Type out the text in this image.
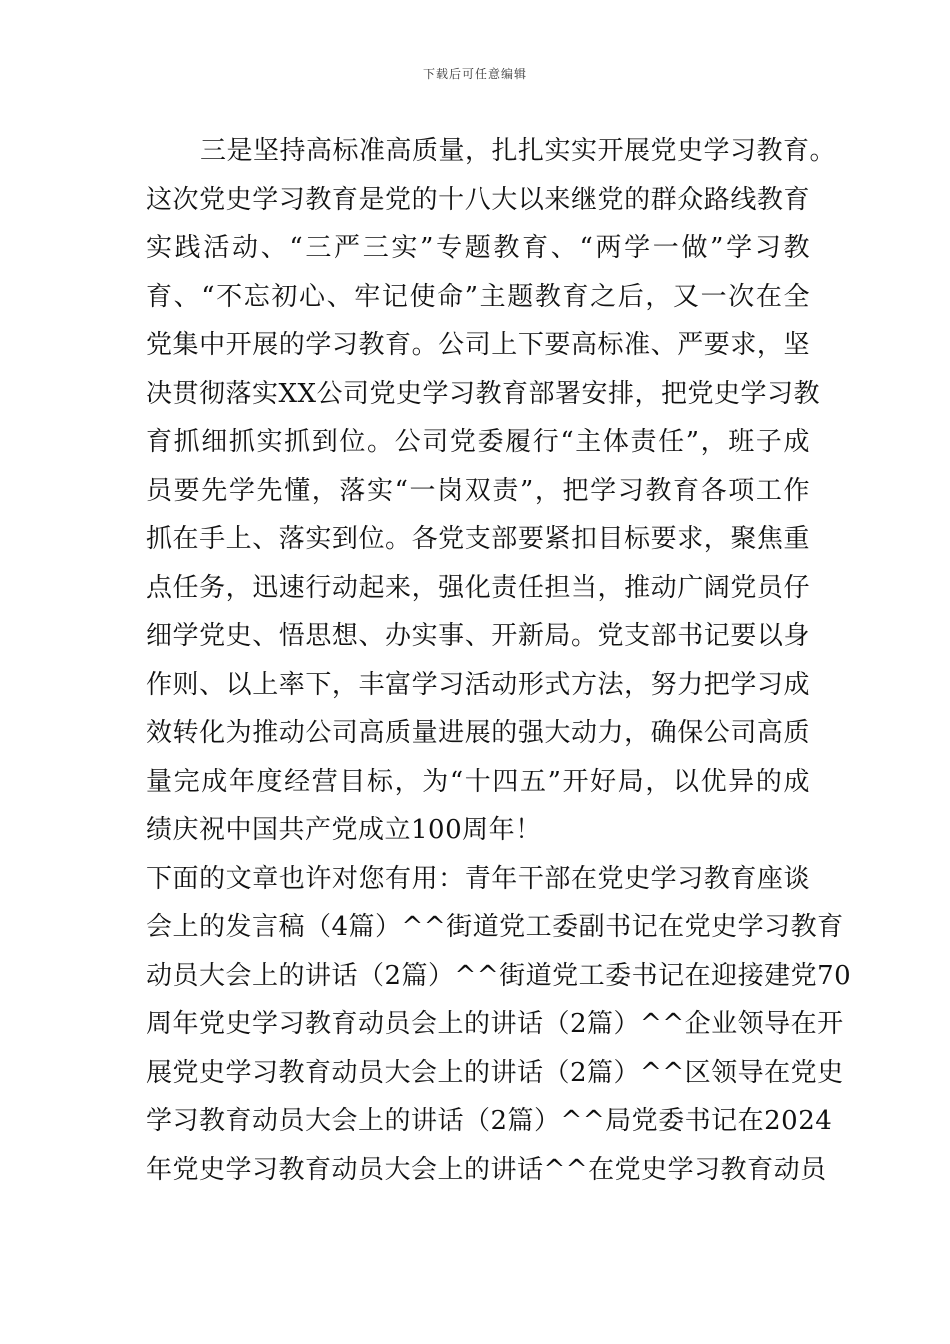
下载后可任意编辑
三是坚持高标准高质量，扎扎实实开展党史学习教育。
这次党史学习教育是党的十八大以来继党的群众路线教育
实践活动、“三严三实”专题教育、“两学一做”学习教
育、“不忘初心、牢记使命”主题教育之后，又一次在全
党集中开展的学习教育。公司上下要高标准、严要求，坚
决贯彻落实XX公司党史学习教育部署安排，把党史学习教
育抓细抓实抓到位。公司党委履行“主体责任”，班子成
员要先学先懂，落实“一岗双责”，把学习教育各项工作
抓在手上、落实到位。各党支部要紧扣目标要求，聚焦重
点任务，迅速行动起来，强化责任担当，推动广阔党员仔
细学党史、悟思想、办实事、开新局。党支部书记要以身
作则、以上率下，丰富学习活动形式方法，努力把学习成
效转化为推动公司高质量进展的强大动力，确保公司高质
量完成年度经营目标，为“十四五”开好局，以优异的成
绩庆祝中国共产党成立100周年！
下面的文章也许对您有用：青年干部在党史学习教育座谈
会上的发言稿（4篇）^^街道党工委副书记在党史学习教育
动员大会上的讲话（2篇）^^街道党工委书记在迎接建党70
周年党史学习教育动员会上的讲话（2篇）^^企业领导在开
展党史学习教育动员大会上的讲话（2篇）^^区领导在党史
学习教育动员大会上的讲话（2篇）^^局党委书记在2024
年党史学习教育动员大会上的讲话^^在党史学习教育动员
